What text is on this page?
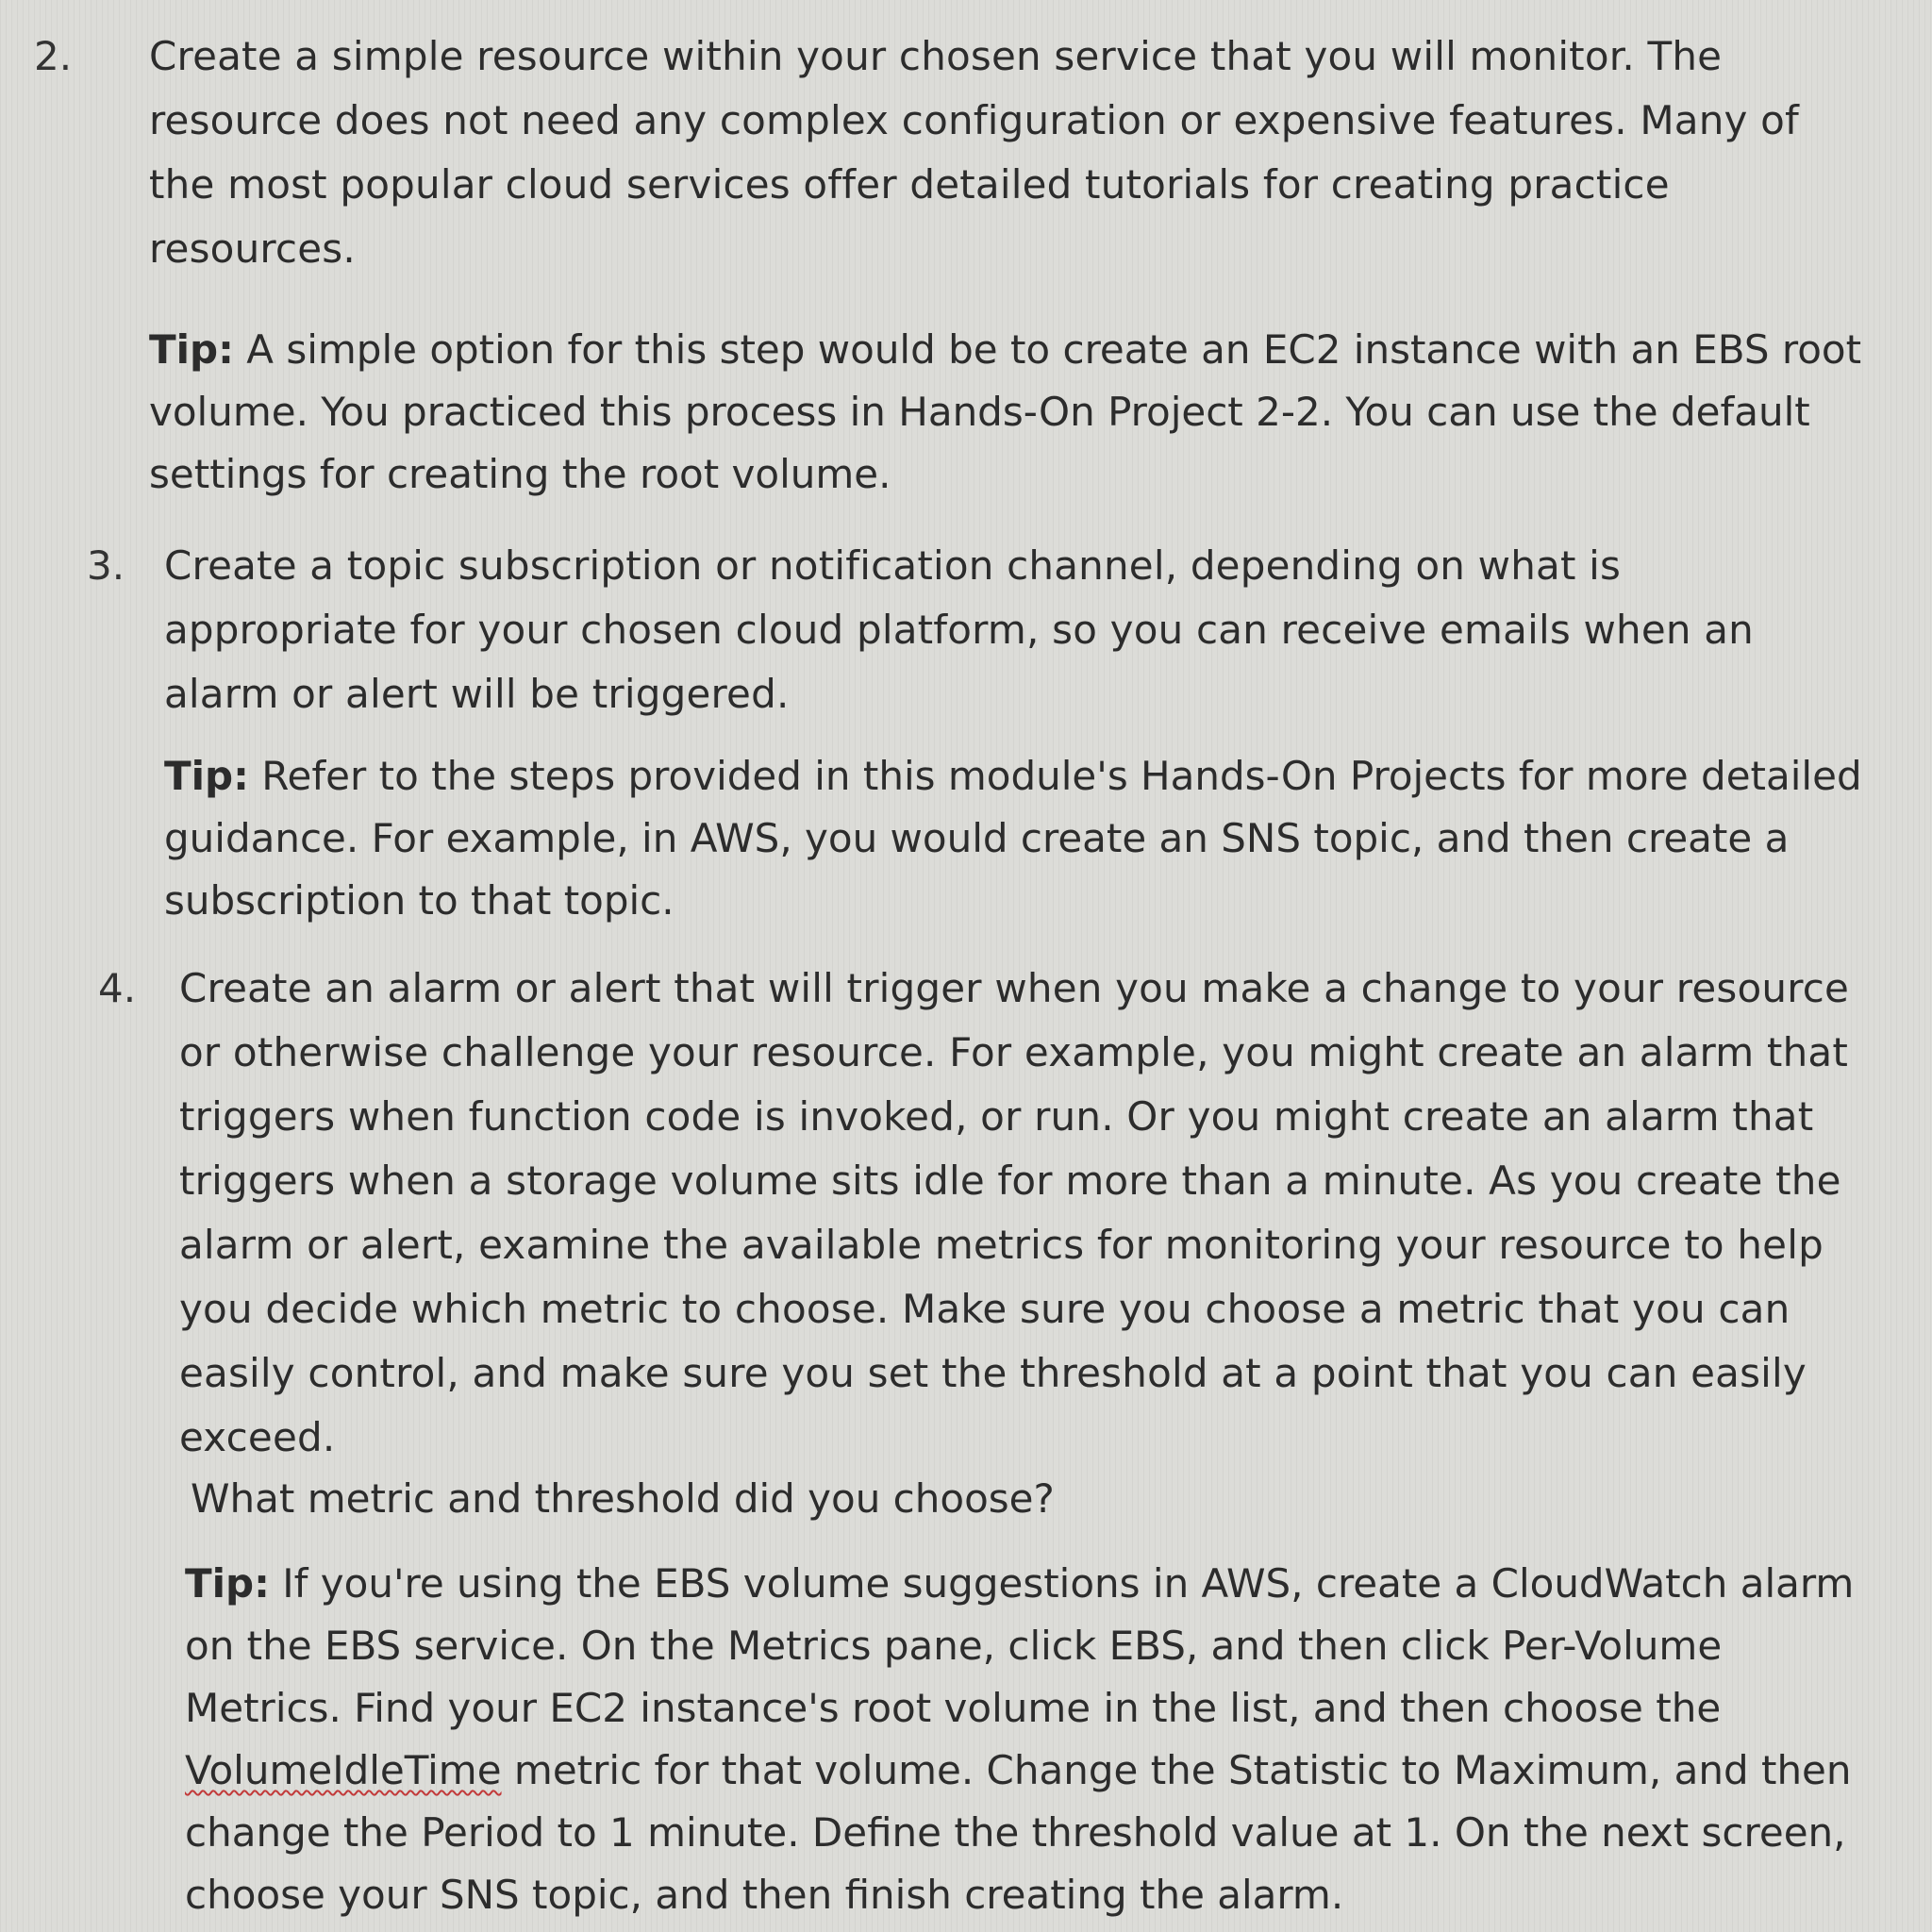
2.	Create a simple resource within your chosen service that you will monitor. The resource does not need any complex configuration or expensive features. Many of the most popular cloud services offer detailed tutorials for creating practice resources.
Tip: A simple option for this step would be to create an EC2 instance with an EBS root volume. You practiced this process in Hands-On Project 2-2. You can use the default settings for creating the root volume.
3. Create a topic subscription or notification channel, depending on what is appropriate for your chosen cloud platform, so you can receive emails when an alarm or alert will be triggered.
Tip: Refer to the steps provided in this module's Hands-On Projects for more detailed guidance. For example, in AWS, you would create an SNS topic, and then create a subscription to that topic.
4.	Create an alarm or alert that will trigger when you make a change to your resource or otherwise challenge your resource. For example, you might create an alarm that triggers when function code is invoked, or run. Or you might create an alarm that triggers when a storage volume sits idle for more than a minute. As you create the alarm or alert, examine the available metrics for monitoring your resource to help you decide which metric to choose. Make sure you choose a metric that you can easily control, and make sure you set the threshold at a point that you can easily exceed.
What metric and threshold did you choose?
Tip: If you're using the EBS volume suggestions in AWS, create a CloudWatch alarm on the EBS service. On the Metrics pane, click EBS, and then click Per-Volume Metrics. Find your EC2 instance's root volume in the list, and then choose the VolumeIdleTime metric for that volume. Change the Statistic to Maximum, and then change the Period to 1 minute. Define the threshold value at 1. On the next screen, choose your SNS topic, and then finish creating the alarm.
